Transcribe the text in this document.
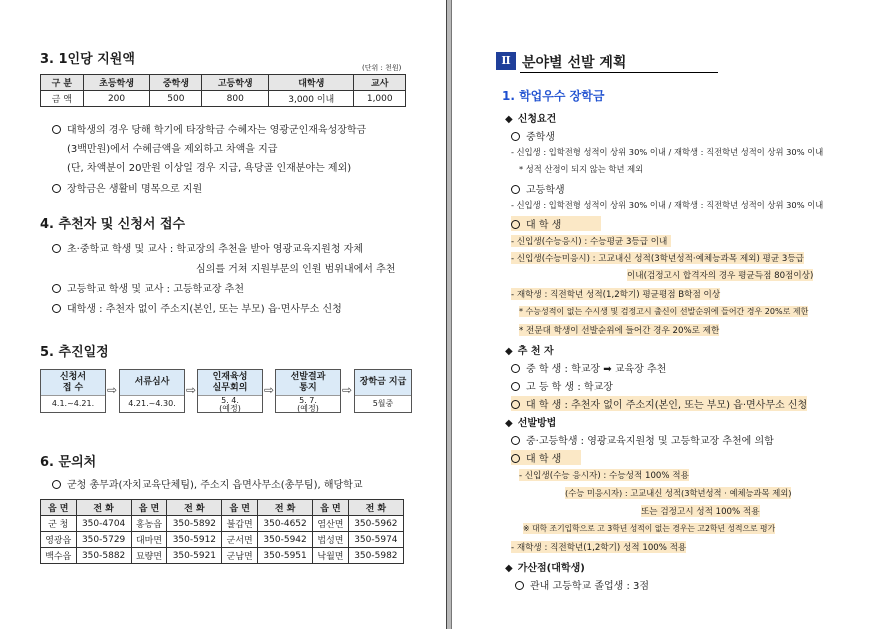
3. 1인당 지원액
(단위 : 천원)
구 분	초등학생	중학생	고등학생	대학생	교사
금 액	200	500	800	3,000 이내	1,000
대학생의 경우 당해 학기에 타장학금 수혜자는 영광군인재육성장학금
(3백만원)에서 수혜금액을 제외하고 차액을 지급
(단, 차액분이 20만원 이상일 경우 지급, 욕당골 인재분야는 제외)
장학금은 생활비 명목으로 지원
4. 추천자 및 신청서 접수
초·중학교 학생 및 교사 : 학교장의 추천을 받아 영광교육지원청 자체
심의를 거쳐 지원부문의 인원 범위내에서 추천
고등학교 학생 및 교사 : 고등학교장 추천
대학생 : 추천자 없이 주소지(본인, 또는 부모) 읍·면사무소 신청
5. 추진일정
신청서
접 수
4.1.~4.21.
⇨
서류심사
4.21.~4.30.
⇨
인재육성
실무회의
5. 4.
(예정)
⇨
선발결과
통지
5. 7.
(예정)
⇨
장학금 지급
5월중
6. 문의처
군청 총무과(자치교육단체팀), 주소지 읍면사무소(총무팀), 해당학교
읍 면	전 화	읍 면	전 화	읍 면	전 화	읍 면	전 화
군 청	350-4704	홍농읍	350-5892	불갑면	350-4652	염산면	350-5962
영광읍	350-5729	대마면	350-5912	군서면	350-5942	법성면	350-5974
백수읍	350-5882	묘량면	350-5921	군남면	350-5951	낙월면	350-5982
Ⅱ 분야별 선발 계획
1. 학업우수 장학금
◆ 신청요건
중학생
- 신입생 : 입학전형 성적이 상위 30% 이내 / 재학생 : 직전학년 성적이 상위 30% 이내
* 성적 산정이 되지 않는 학년 제외
고등학생
- 신입생 : 입학전형 성적이 상위 30% 이내 / 재학생 : 직전학년 성적이 상위 30% 이내
대 학 생
- 신입생(수능응시) : 수능평균 3등급 이내
- 신입생(수능미응시) : 고교내신 성적(3학년성적·예체능과목 제외) 평균 3등급
이내(검정고시 합격자의 경우 평균득점 80점이상)
- 재학생 : 직전학년 성적(1,2학기) 평균평점 B학점 이상
* 수능성적이 없는 수시생 및 검정고시 출신이 선발순위에 들어간 경우 20%로 제한
* 전문대 학생이 선발순위에 들어간 경우 20%로 제한
◆ 추 천 자
중 학 생 : 학교장 ➡ 교육장 추천
고 등 학 생 : 학교장
대 학 생 : 추천자 없이 주소지(본인, 또는 부모) 읍·면사무소 신청
◆ 선발방법
중·고등학생 : 영광교육지원청 및 고등학교장 추천에 의함
대 학 생
- 신입생(수능 응시자) : 수능성적 100% 적용
(수능 미응시자) : 고교내신 성적(3학년성적 · 예체능과목 제외)
또는 검정고시 성적 100% 적용
※ 대학 조기입학으로 고 3학년 성적이 없는 경우는 고2학년 성적으로 평가
- 재학생 : 직전학년(1,2학기) 성적 100% 적용
◆ 가산점(대학생)
관내 고등학교 졸업생 : 3점
